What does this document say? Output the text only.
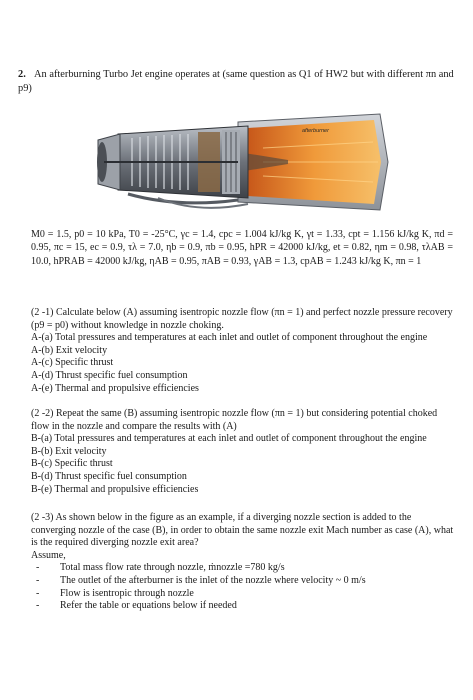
2. An afterburning Turbo Jet engine operates at (same question as Q1 of HW2 but with different πn and p9)
afterburner
M0 = 1.5, p0 = 10 kPa, T0 = -25°C, γc = 1.4, cpc = 1.004 kJ/kg K, γt = 1.33, cpt = 1.156 kJ/kg K, πd = 0.95, πc = 15, ec = 0.9, τλ = 7.0, ηb = 0.9, πb = 0.95, hPR = 42000 kJ/kg, et = 0.82, ηm = 0.98, τλAB = 10.0, hPRAB = 42000 kJ/kg, ηAB = 0.95, πAB = 0.93, γAB = 1.3, cpAB = 1.243 kJ/kg K, πn = 1

(2 -1) Calculate below (A) assuming isentropic nozzle flow (πn = 1) and perfect nozzle pressure recovery (p9 = p0) without knowledge in nozzle choking.

A-(a) Total pressures and temperatures at each inlet and outlet of component throughout the engine

A-(b) Exit velocity

A-(c) Specific thrust

A-(d) Thrust specific fuel consumption

A-(e) Thermal and propulsive efficiencies

(2 -2) Repeat the same (B) assuming isentropic nozzle flow (πn = 1) but considering potential choked flow in the nozzle and compare the results with (A)

B-(a) Total pressures and temperatures at each inlet and outlet of component throughout the engine

B-(b) Exit velocity

B-(c) Specific thrust

B-(d) Thrust specific fuel consumption

B-(e) Thermal and propulsive efficiencies

(2 -3) As shown below in the figure as an example, if a diverging nozzle section is added to the converging nozzle of the case (B), in order to obtain the same nozzle exit Mach number as case (A), what is the required diverging nozzle exit area?

Assume,

- Total mass flow rate through nozzle, ṁnozzle =780 kg/s
- The outlet of the afterburner is the inlet of the nozzle where velocity ~ 0 m/s
- Flow is isentropic through nozzle
- Refer the table or equations below if needed
